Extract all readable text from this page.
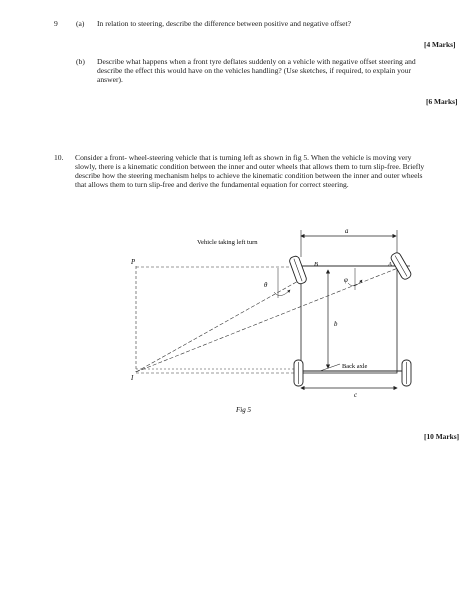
9 (a) In relation to steering, describe the difference between positive and negative offset?
[4 Marks]
(b) Describe what happens when a front tyre deflates suddenly on a vehicle with negative offset steering and
describe the effect this would have on the vehicles handling? (Use sketches, if required, to explain your
answer).
[6 Marks]
10. Consider a front- wheel-steering vehicle that is turning left as shown in fig 5. When the vehicle is moving very
slowly, there is a kinematic condition between the inner and outer wheels that allows them to turn slip-free. Briefly
describe how the steering mechanism helps to achieve the kinematic condition between the inner and outer wheels
that allows them to turn slip-free and derive the fundamental equation for correct steering.
Vehicle taking left turn
a
b
c
P
I
A
B
θ
φ
Back axle
Fig 5
[10 Marks]
